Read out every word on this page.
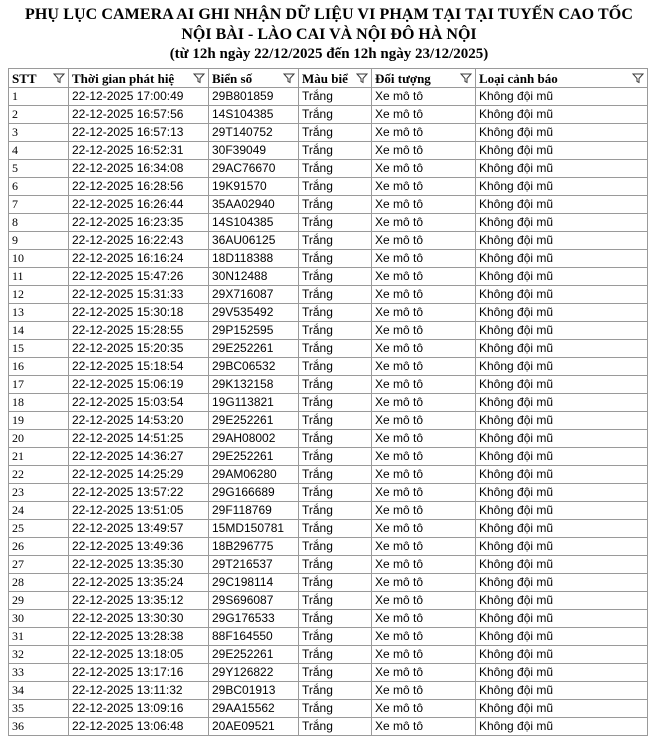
PHỤ LỤC CAMERA AI GHI NHẬN DỮ LIỆU VI PHẠM TẠI TẠI TUYẾN CAO TỐC
NỘI BÀI - LÀO CAI VÀ NỘI ĐÔ HÀ NỘI
(từ 12h ngày 22/12/2025 đến 12h ngày 23/12/2025)
STT	Thời gian phát hiệ	Biển số	Màu biể	Đối tượng	Loại cảnh báo

1	22-12-2025 17:00:49	29B801859	Trắng	Xe mô tô	Không đội mũ
2	22-12-2025 16:57:56	14S104385	Trắng	Xe mô tô	Không đội mũ
3	22-12-2025 16:57:13	29T140752	Trắng	Xe mô tô	Không đội mũ
4	22-12-2025 16:52:31	30F39049	Trắng	Xe mô tô	Không đội mũ
5	22-12-2025 16:34:08	29AC76670	Trắng	Xe mô tô	Không đội mũ
6	22-12-2025 16:28:56	19K91570	Trắng	Xe mô tô	Không đội mũ
7	22-12-2025 16:26:44	35AA02940	Trắng	Xe mô tô	Không đội mũ
8	22-12-2025 16:23:35	14S104385	Trắng	Xe mô tô	Không đội mũ
9	22-12-2025 16:22:43	36AU06125	Trắng	Xe mô tô	Không đội mũ
10	22-12-2025 16:16:24	18D118388	Trắng	Xe mô tô	Không đội mũ
11	22-12-2025 15:47:26	30N12488	Trắng	Xe mô tô	Không đội mũ
12	22-12-2025 15:31:33	29X716087	Trắng	Xe mô tô	Không đội mũ
13	22-12-2025 15:30:18	29V535492	Trắng	Xe mô tô	Không đội mũ
14	22-12-2025 15:28:55	29P152595	Trắng	Xe mô tô	Không đội mũ
15	22-12-2025 15:20:35	29E252261	Trắng	Xe mô tô	Không đội mũ
16	22-12-2025 15:18:54	29BC06532	Trắng	Xe mô tô	Không đội mũ
17	22-12-2025 15:06:19	29K132158	Trắng	Xe mô tô	Không đội mũ
18	22-12-2025 15:03:54	19G113821	Trắng	Xe mô tô	Không đội mũ
19	22-12-2025 14:53:20	29E252261	Trắng	Xe mô tô	Không đội mũ
20	22-12-2025 14:51:25	29AH08002	Trắng	Xe mô tô	Không đội mũ
21	22-12-2025 14:36:27	29E252261	Trắng	Xe mô tô	Không đội mũ
22	22-12-2025 14:25:29	29AM06280	Trắng	Xe mô tô	Không đội mũ
23	22-12-2025 13:57:22	29G166689	Trắng	Xe mô tô	Không đội mũ
24	22-12-2025 13:51:05	29F118769	Trắng	Xe mô tô	Không đội mũ
25	22-12-2025 13:49:57	15MD150781	Trắng	Xe mô tô	Không đội mũ
26	22-12-2025 13:49:36	18B296775	Trắng	Xe mô tô	Không đội mũ
27	22-12-2025 13:35:30	29T216537	Trắng	Xe mô tô	Không đội mũ
28	22-12-2025 13:35:24	29C198114	Trắng	Xe mô tô	Không đội mũ
29	22-12-2025 13:35:12	29S696087	Trắng	Xe mô tô	Không đội mũ
30	22-12-2025 13:30:30	29G176533	Trắng	Xe mô tô	Không đội mũ
31	22-12-2025 13:28:38	88F164550	Trắng	Xe mô tô	Không đội mũ
32	22-12-2025 13:18:05	29E252261	Trắng	Xe mô tô	Không đội mũ
33	22-12-2025 13:17:16	29Y126822	Trắng	Xe mô tô	Không đội mũ
34	22-12-2025 13:11:32	29BC01913	Trắng	Xe mô tô	Không đội mũ
35	22-12-2025 13:09:16	29AA15562	Trắng	Xe mô tô	Không đội mũ
36	22-12-2025 13:06:48	20AE09521	Trắng	Xe mô tô	Không đội mũ
